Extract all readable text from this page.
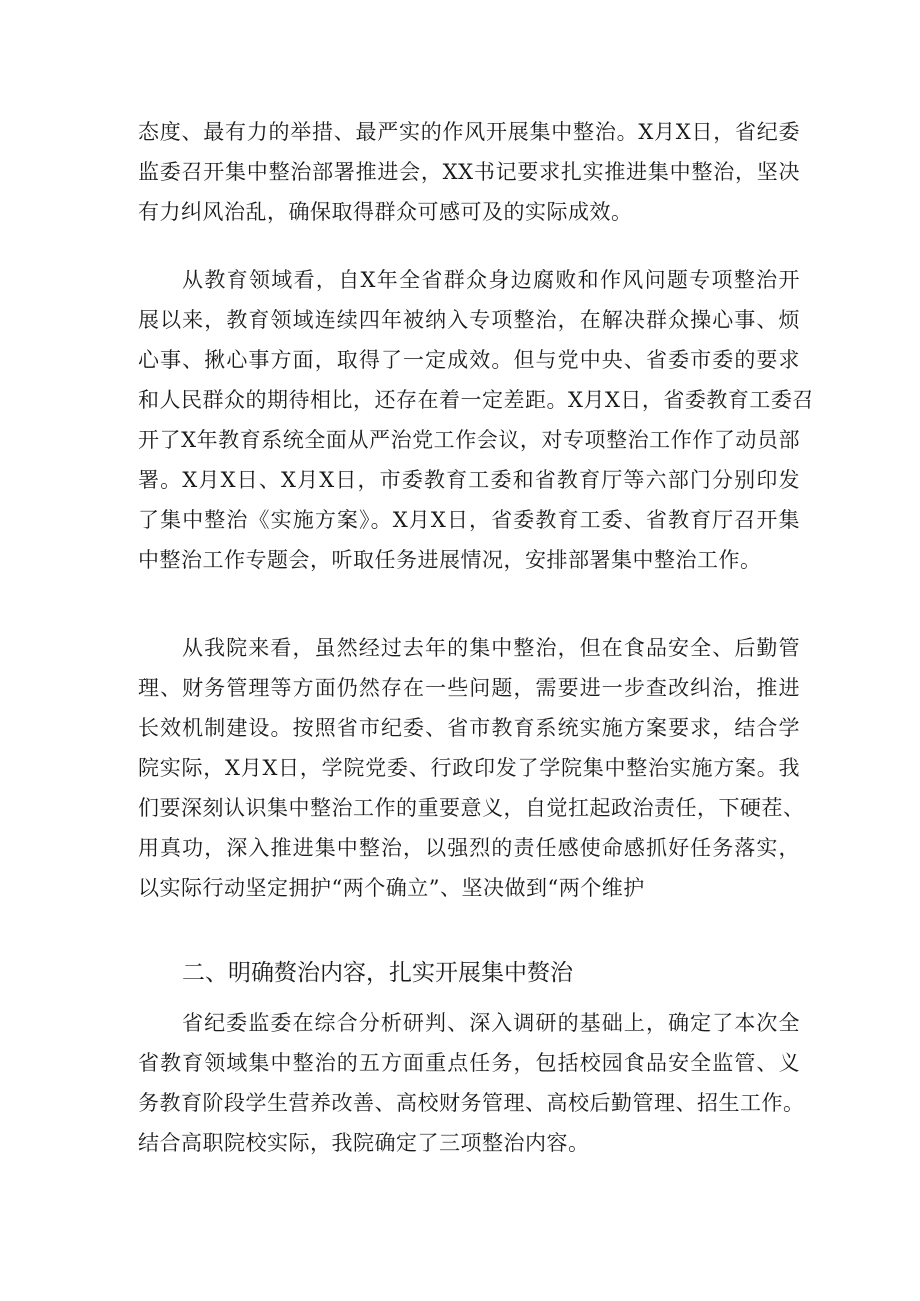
态度、最有力的举措、最严实的作风开展集中整治。X月X日，省纪委
监委召开集中整治部署推进会，XX书记要求扎实推进集中整治，坚决
有力纠风治乱，确保取得群众可感可及的实际成效。
从教育领域看，自X年全省群众身边腐败和作风问题专项整治开
展以来，教育领域连续四年被纳入专项整治，在解决群众操心事、烦
心事、揪心事方面，取得了一定成效。但与党中央、省委市委的要求
和人民群众的期待相比，还存在着一定差距。X月X日，省委教育工委召
开了X年教育系统全面从严治党工作会议，对专项整治工作作了动员部
署。X月X日、X月X日，市委教育工委和省教育厅等六部门分别印发
了集中整治《实施方案》。X月X日，省委教育工委、省教育厅召开集
中整治工作专题会，听取任务进展情况，安排部署集中整治工作。
从我院来看，虽然经过去年的集中整治，但在食品安全、后勤管
理、财务管理等方面仍然存在一些问题，需要进一步查改纠治，推进
长效机制建设。按照省市纪委、省市教育系统实施方案要求，结合学
院实际，X月X日，学院党委、行政印发了学院集中整治实施方案。我
们要深刻认识集中整治工作的重要意义，自觉扛起政治责任，下硬茬、
用真功，深入推进集中整治，以强烈的责任感使命感抓好任务落实，
以实际行动坚定拥护“两个确立”、坚决做到“两个维护
二、明确赘治内容，扎实开展集中赘治
省纪委监委在综合分析研判、深入调研的基础上，确定了本次全
省教育领域集中整治的五方面重点任务，包括校园食品安全监管、义
务教育阶段学生营养改善、高校财务管理、高校后勤管理、招生工作。
结合高职院校实际，我院确定了三项整治内容。
